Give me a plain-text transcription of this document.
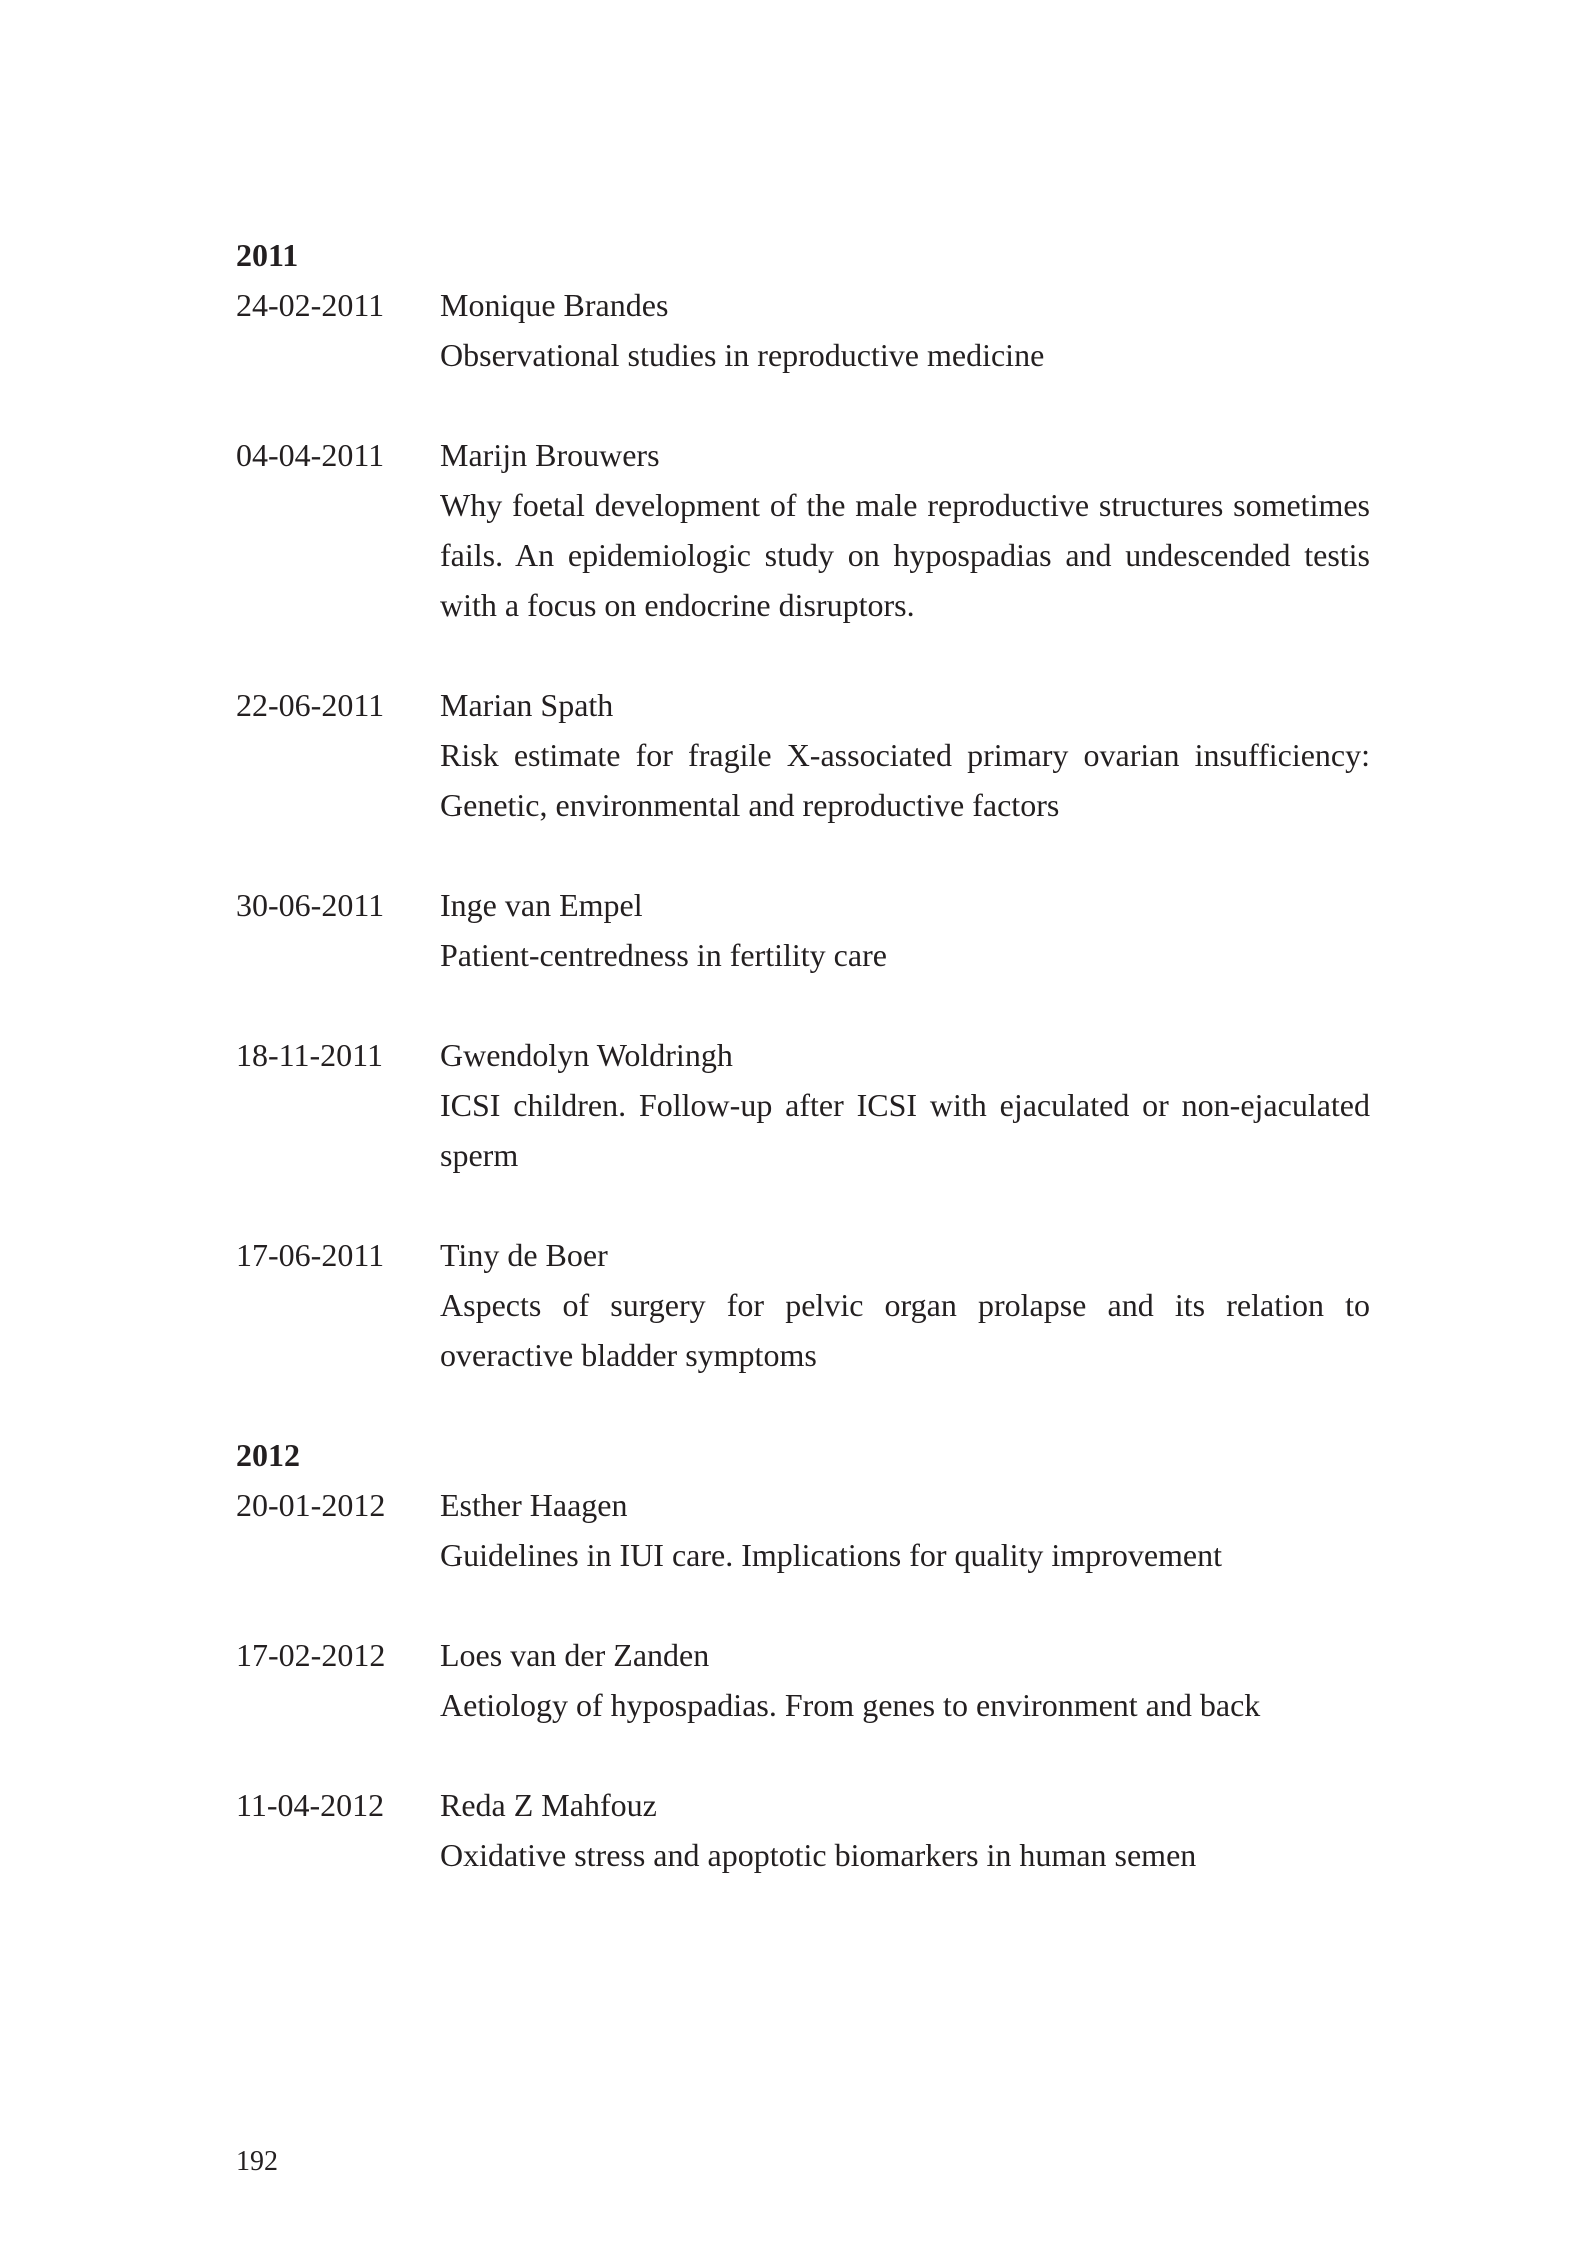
2011
24-02-2011	Monique Brandes
Observational studies in reproductive medicine
04-04-2011	Marijn Brouwers
Why foetal development of the male reproductive structures sometimes fails. An epidemiologic study on hypospadias and undescended testis with a focus on endocrine disruptors.
22-06-2011	Marian Spath
Risk estimate for fragile X-associated primary ovarian insufficiency: Genetic, environmental and reproductive factors
30-06-2011	Inge van Empel
Patient-centredness in fertility care
18-11-2011	Gwendolyn Woldringh
ICSI children. Follow-up after ICSI with ejaculated or non-ejaculated sperm
17-06-2011	Tiny de Boer
Aspects of surgery for pelvic organ prolapse and its relation to overactive bladder symptoms
2012
20-01-2012	Esther Haagen
Guidelines in IUI care. Implications for quality improvement
17-02-2012	Loes van der Zanden
Aetiology of hypospadias. From genes to environment and back
11-04-2012	Reda Z Mahfouz
Oxidative stress and apoptotic biomarkers in human semen
192
